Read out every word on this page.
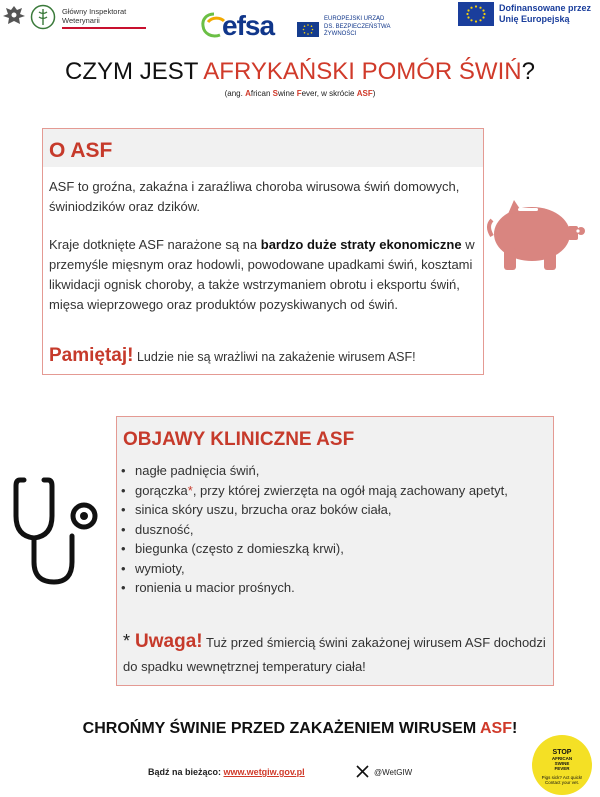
Główny Inspektorat
Weterynarii	efsa	EUROPEJSKI URZĄD
DS. BEZPIECZEŃSTWA
ŻYWNOŚCI
Dofinansowane przez
Unię Europejską
CZYM JEST AFRYKAŃSKI POMÓR ŚWIŃ?
(ang. African Swine Fever, w skrócie ASF)
O ASF
ASF to groźna, zakaźna i zaraźliwa choroba wirusowa świń domowych, świniodzików oraz dzików.
Kraje dotknięte ASF narażone są na bardzo duże straty ekonomiczne w przemyśle mięsnym oraz hodowli, powodowane upadkami świń, kosztami likwidacji ognisk choroby, a także wstrzymaniem obrotu i eksportu świń, mięsa wieprzowego oraz produktów pozyskiwanych od świń.
Pamiętaj! Ludzie nie są wrażliwi na zakażenie wirusem ASF!
OBJAWY KLINICZNE ASF
• nagłe padnięcia świń,
• gorączka*, przy której zwierzęta na ogół mają zachowany apetyt,
• sinica skóry uszu, brzucha oraz boków ciała,
• duszność,
• biegunka (często z domieszką krwi),
• wymioty,
• ronienia u macior prośnych.
* Uwaga! Tuż przed śmiercią świni zakażonej wirusem ASF dochodzi do spadku wewnętrznej temperatury ciała!
CHROŃMY ŚWINIE PRZED ZAKAŻENIEM WIRUSEM ASF!
Bądź na bieżąco: www.wetgiw.gov.pl	@WetGIW
STOP
AFRICAN
SWINE
FEVER
Pigs sick? Act quick!
Contact your vet.
